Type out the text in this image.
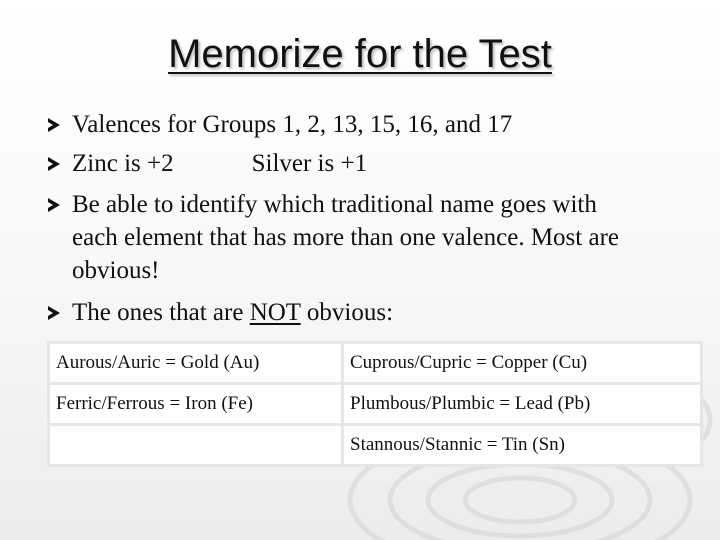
Memorize for the Test
Valences for Groups 1, 2, 13, 15, 16, and 17
Zinc is +2	Silver is +1
Be able to identify which traditional name goes with
each element that has more than one valence. Most are
obvious!
The ones that are NOT obvious:
Aurous/Auric = Gold (Au)	Cuprous/Cupric = Copper (Cu)
Ferric/Ferrous = Iron (Fe)	Plumbous/Plumbic = Lead (Pb)
	Stannous/Stannic = Tin (Sn)
